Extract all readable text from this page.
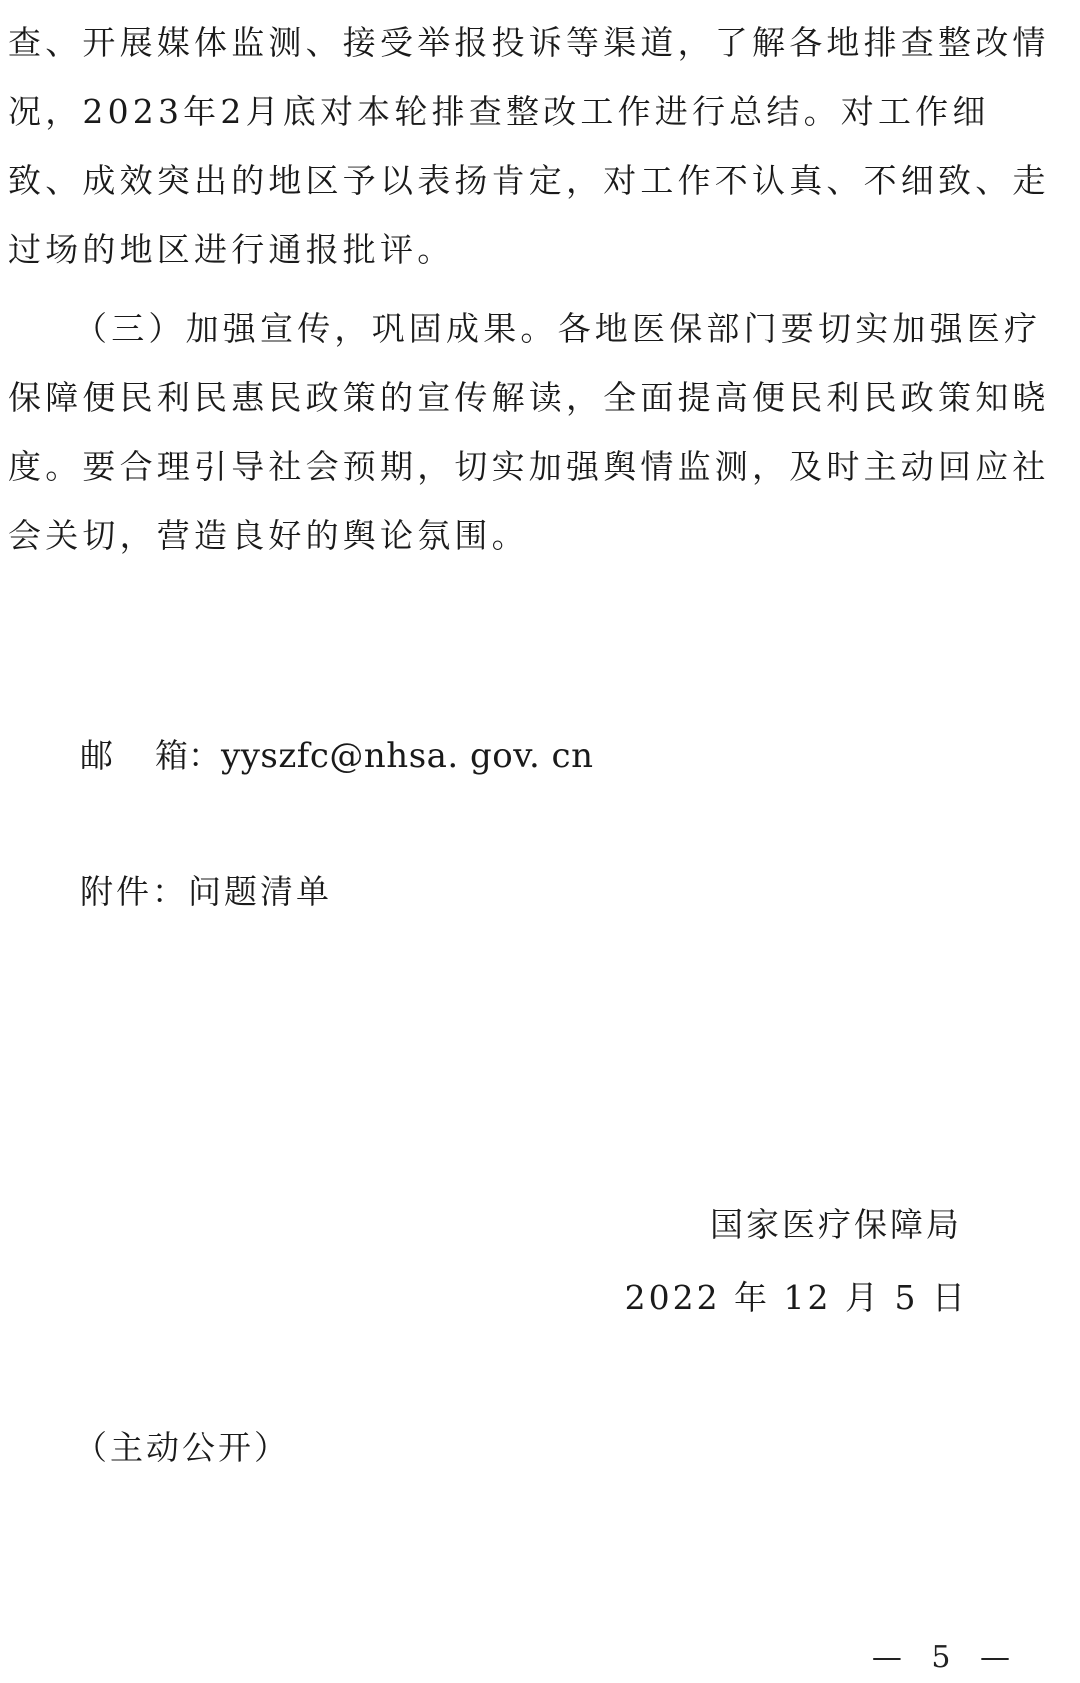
查、开展媒体监测、接受举报投诉等渠道，了解各地排查整改情况，2023年2月底对本轮排查整改工作进行总结。对工作细致、成效突出的地区予以表扬肯定，对工作不认真、不细致、走过场的地区进行通报批评。

（三）加强宣传，巩固成果。各地医保部门要切实加强医疗保障便民利民惠民政策的宣传解读，全面提高便民利民政策知晓度。要合理引导社会预期，切实加强舆情监测，及时主动回应社会关切，营造良好的舆论氛围。

邮 箱：yyszfc@nhsa. gov. cn
附件：问题清单
国家医疗保障局
2022 年 12 月 5 日
（主动公开）
— 5 —
